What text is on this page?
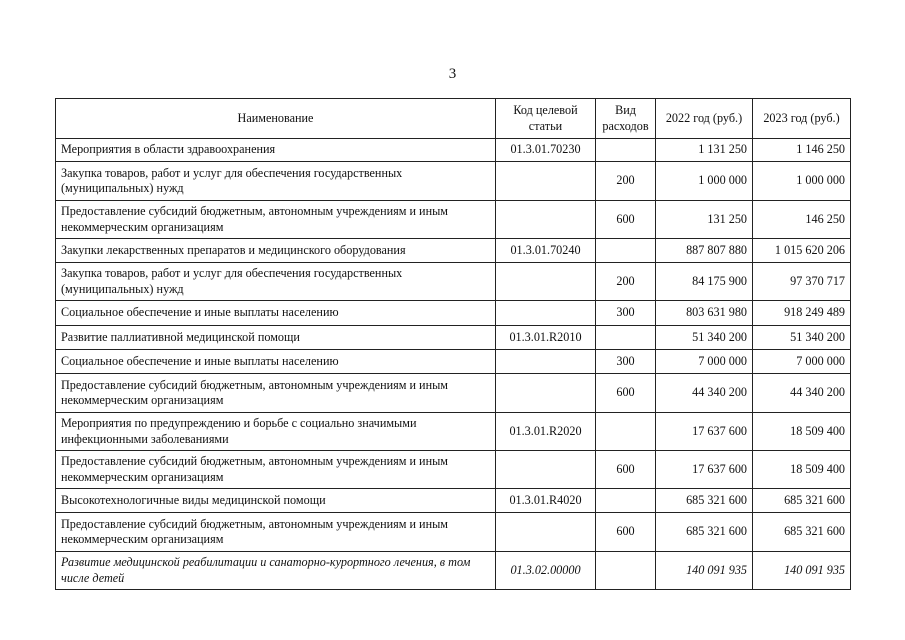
3
Наименование	Код целевой статьи	Вид расходов	2022 год (руб.)	2023 год (руб.)
Мероприятия в области здравоохранения	01.3.01.70230		1 131 250	1 146 250
Закупка товаров, работ и услуг для обеспечения государственных (муниципальных) нужд		200	1 000 000	1 000 000
Предоставление субсидий бюджетным, автономным учреждениям и иным некоммерческим организациям		600	131 250	146 250
Закупки лекарственных препаратов и медицинского оборудования	01.3.01.70240		887 807 880	1 015 620 206
Закупка товаров, работ и услуг для обеспечения государственных (муниципальных) нужд		200	84 175 900	97 370 717
Социальное обеспечение и иные выплаты населению		300	803 631 980	918 249 489
Развитие паллиативной медицинской помощи	01.3.01.R2010		51 340 200	51 340 200
Социальное обеспечение и иные выплаты населению		300	7 000 000	7 000 000
Предоставление субсидий бюджетным, автономным учреждениям и иным некоммерческим организациям		600	44 340 200	44 340 200
Мероприятия по предупреждению и борьбе с социально значимыми инфекционными заболеваниями	01.3.01.R2020		17 637 600	18 509 400
Предоставление субсидий бюджетным, автономным учреждениям и иным некоммерческим организациям		600	17 637 600	18 509 400
Высокотехнологичные виды медицинской помощи	01.3.01.R4020		685 321 600	685 321 600
Предоставление субсидий бюджетным, автономным учреждениям и иным некоммерческим организациям		600	685 321 600	685 321 600
Развитие медицинской реабилитации и санаторно-курортного лечения, в том числе детей	01.3.02.00000		140 091 935	140 091 935
